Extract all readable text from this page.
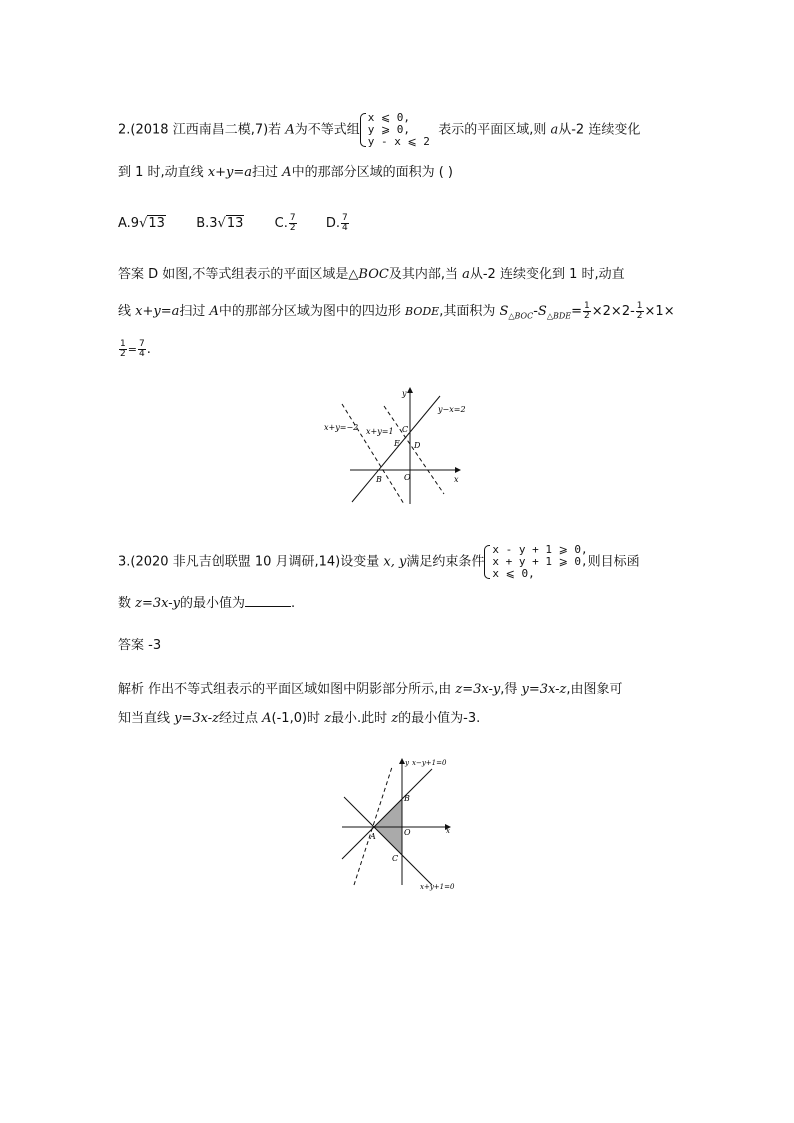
2.(2018 江西南昌二模,7)若 A为不等式组
x ⩽ 0,
y ⩾ 0,
y - x ⩽ 2
表示的平面区域,则 a从-2 连续变化
到 1 时,动直线 x+y=a扫过 A中的那部分区域的面积为 ( )
A.9√13 B.3√13 C. $\frac{7}{2} D$. $\frac{7}{4}$
答案 D 如图,不等式组表示的平面区域是△BOC及其内部,当 a从-2 连续变化到 1 时,动直
线 x+y=a扫过 A中的那部分区域为图中的四边形 BODE,其面积为 $S_{\triangle BOC}-S_{\triangle BDE}= \frac{1}{2} \times 2\times 2- \frac{1}{2} \times 1\times$
$\frac{1}{2} = \frac{7}{4}$ .
y−x=2
x+y=−2 x+y=1
y
x
C
E D
B	O
3.(2020 非凡吉创联盟 10 月调研,14)设变量 x, y满足约束条件
x - y + 1 ⩾ 0,
x + y + 1 ⩾ 0,
x ⩽ 0,
则目标函
数 z=3x-y的最小值为	.
答案 -3
解析 作出不等式组表示的平面区域如图中阴影部分所示,由 z=3x-y,得 y=3x-z,由图象可
知当直线 y=3x-z经过点 A(-1,0)时 z最小.此时 z的最小值为-3.
y x−y+1=0
x
B
O
A
C
x+y+1=0
